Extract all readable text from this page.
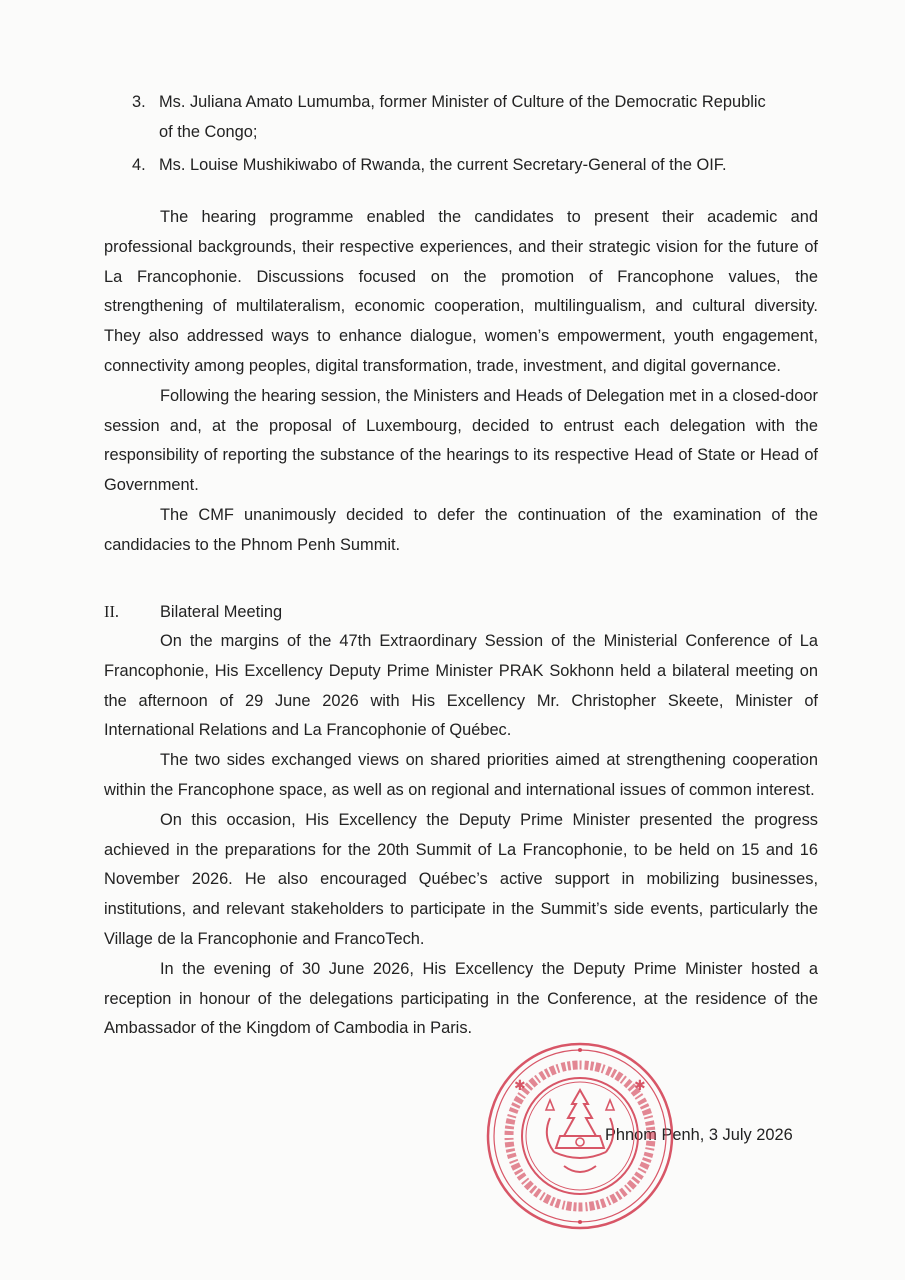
3. Ms. Juliana Amato Lumumba, former Minister of Culture of the Democratic Republic
of the Congo;
4. Ms. Louise Mushikiwabo of Rwanda, the current Secretary-General of the OIF.

The hearing programme enabled the candidates to present their academic and professional backgrounds, their respective experiences, and their strategic vision for the future of La Francophonie. Discussions focused on the promotion of Francophone values, the strengthening of multilateralism, economic cooperation, multilingualism, and cultural diversity. They also addressed ways to enhance dialogue, women’s empowerment, youth engagement, connectivity among peoples, digital transformation, trade, investment, and digital governance.

Following the hearing session, the Ministers and Heads of Delegation met in a closed-door session and, at the proposal of Luxembourg, decided to entrust each delegation with the responsibility of reporting the substance of the hearings to its respective Head of State or Head of Government.

The CMF unanimously decided to defer the continuation of the examination of the candidacies to the Phnom Penh Summit.

II. Bilateral Meeting

On the margins of the 47th Extraordinary Session of the Ministerial Conference of La Francophonie, His Excellency Deputy Prime Minister PRAK Sokhonn held a bilateral meeting on the afternoon of 29 June 2026 with His Excellency Mr. Christopher Skeete, Minister of International Relations and La Francophonie of Québec.

The two sides exchanged views on shared priorities aimed at strengthening cooperation within the Francophone space, as well as on regional and international issues of common interest.

On this occasion, His Excellency the Deputy Prime Minister presented the progress achieved in the preparations for the 20th Summit of La Francophonie, to be held on 15 and 16 November 2026. He also encouraged Québec’s active support in mobilizing businesses, institutions, and relevant stakeholders to participate in the Summit’s side events, particularly the Village de la Francophonie and FrancoTech.

In the evening of 30 June 2026, His Excellency the Deputy Prime Minister hosted a reception in honour of the delegations participating in the Conference, at the residence of the Ambassador of the Kingdom of Cambodia in Paris.

Phnom Penh, 3 July 2026
✱
✱
